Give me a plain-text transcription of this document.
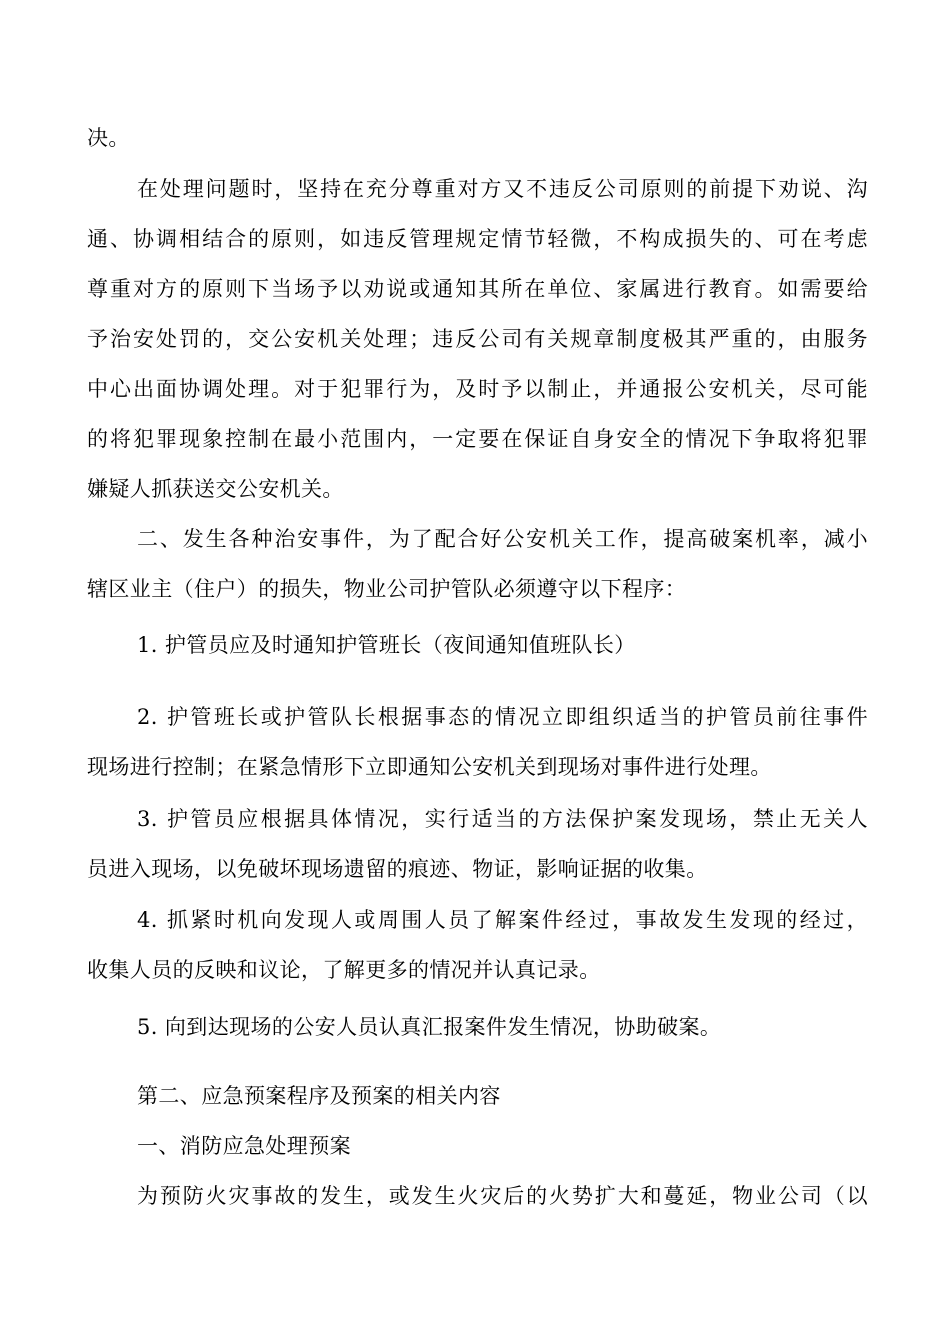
决。
在处理问题时，坚持在充分尊重对方又不违反公司原则的前提下劝说、沟
通、协调相结合的原则，如违反管理规定情节轻微，不构成损失的、可在考虑
尊重对方的原则下当场予以劝说或通知其所在单位、家属进行教育。如需要给
予治安处罚的，交公安机关处理；违反公司有关规章制度极其严重的，由服务
中心出面协调处理。对于犯罪行为，及时予以制止，并通报公安机关，尽可能
的将犯罪现象控制在最小范围内，一定要在保证自身安全的情况下争取将犯罪
嫌疑人抓获送交公安机关。
二、发生各种治安事件，为了配合好公安机关工作，提高破案机率，减小
辖区业主（住户）的损失，物业公司护管队必须遵守以下程序：
1. 护管员应及时通知护管班长（夜间通知值班队长）
2. 护管班长或护管队长根据事态的情况立即组织适当的护管员前往事件
现场进行控制；在紧急情形下立即通知公安机关到现场对事件进行处理。
3. 护管员应根据具体情况，实行适当的方法保护案发现场，禁止无关人
员进入现场，以免破坏现场遗留的痕迹、物证，影响证据的收集。
4. 抓紧时机向发现人或周围人员了解案件经过，事故发生发现的经过，
收集人员的反映和议论，了解更多的情况并认真记录。
5. 向到达现场的公安人员认真汇报案件发生情况，协助破案。
第二、应急预案程序及预案的相关内容
一、消防应急处理预案
为预防火灾事故的发生，或发生火灾后的火势扩大和蔓延，物业公司（以
